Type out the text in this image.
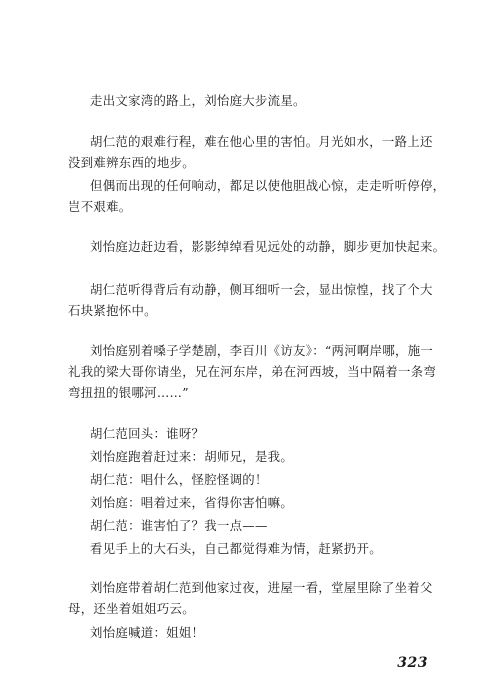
走出文家湾的路上，刘怡庭大步流星。

胡仁范的艰难行程，难在他心里的害怕。月光如水，一路上还
没到难辨东西的地步。

但偶而出现的任何响动，都足以使他胆战心惊，走走听听停停，
岂不艰难。

刘怡庭边赶边看，影影绰绰看见远处的动静，脚步更加快起来。

胡仁范听得背后有动静，侧耳细听一会，显出惊惶，找了个大
石块紧抱怀中。

刘怡庭别着嗓子学楚剧，李百川《访友》：“两河啊岸哪，施一
礼我的梁大哥你请坐，兄在河东岸，弟在河西坡，当中隔着一条弯
弯扭扭的银哪河……”

胡仁范回头：谁呀？

刘怡庭跑着赶过来：胡师兄，是我。

胡仁范：唱什么，怪腔怪调的！

刘怡庭：唱着过来，省得你害怕嘛。

胡仁范：谁害怕了？我一点——

看见手上的大石头，自己都觉得难为情，赶紧扔开。

刘怡庭带着胡仁范到他家过夜，进屋一看，堂屋里除了坐着父
母，还坐着姐姐巧云。

刘怡庭喊道：姐姐！

323
